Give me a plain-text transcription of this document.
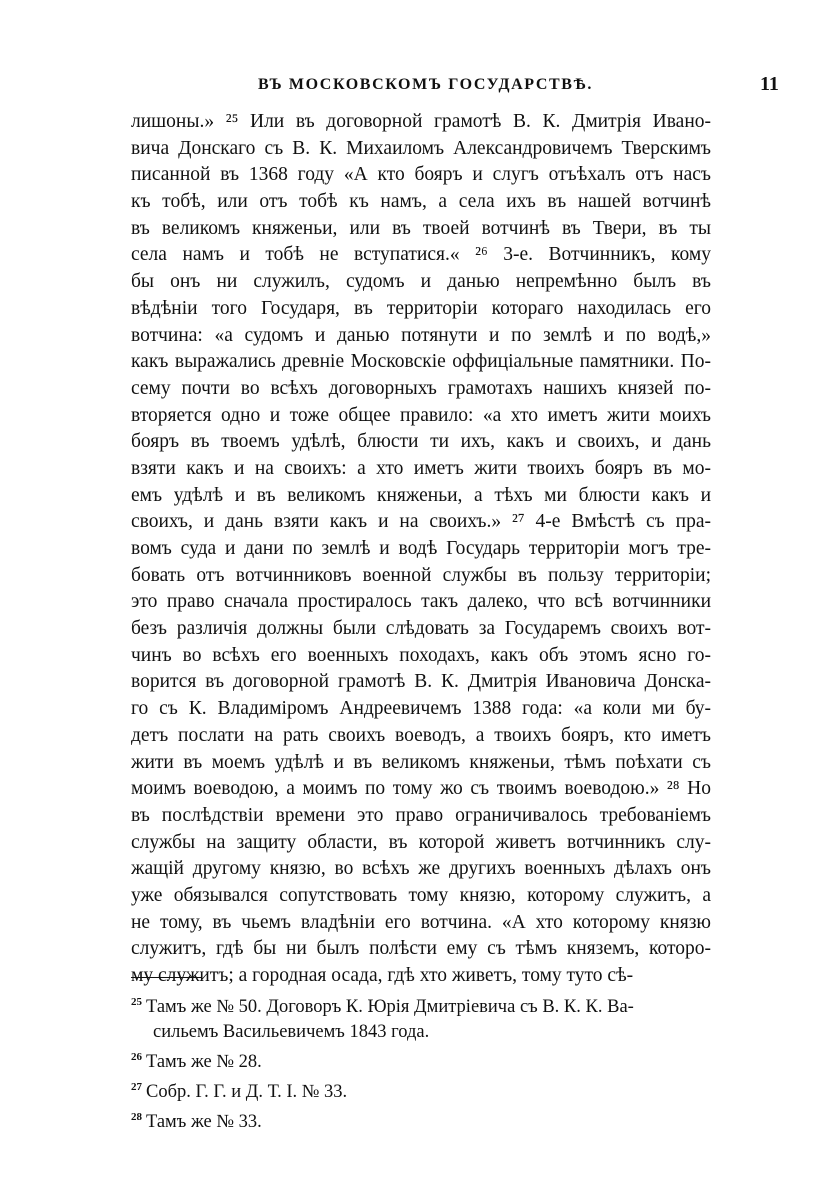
ВЪ МОСКОВСКОМЪ ГОСУДАРСТВѢ.	11
лишоны.» ²⁵ Или въ договорной грамотѣ В. К. Дмитрія Ивано-
вича Донскаго съ В. К. Михаиломъ Александровичемъ Тверскимъ
писанной въ 1368 году «А кто бояръ и слугъ отъѣхалъ отъ насъ
къ тобѣ, или отъ тобѣ къ намъ, а села ихъ въ нашей вотчинѣ
въ великомъ княженьи, или въ твоей вотчинѣ въ Твери, въ ты
села намъ и тобѣ не вступатися.« ²⁶ 3-е. Вотчинникъ, кому
бы онъ ни служилъ, судомъ и данью непремѣнно былъ въ
вѣдѣніи того Государя, въ территоріи котораго находилась его
вотчина: «а судомъ и данью потянути и по землѣ и по водѣ,»
какъ выражались древніе Московскіе оффиціальные памятники. По-
сему почти во всѣхъ договорныхъ грамотахъ нашихъ князей по-
вторяется одно и тоже общее правило: «а хто иметъ жити моихъ
бояръ въ твоемъ удѣлѣ, блюсти ти ихъ, какъ и своихъ, и дань
взяти какъ и на своихъ: а хто иметъ жити твоихъ бояръ въ мо-
емъ удѣлѣ и въ великомъ княженьи, а тѣхъ ми блюсти какъ и
своихъ, и дань взяти какъ и на своихъ.» ²⁷ 4-е Вмѣстѣ съ пра-
вомъ суда и дани по землѣ и водѣ Государь территоріи могъ тре-
бовать отъ вотчинниковъ военной службы въ пользу территоріи;
это право сначала простиралось такъ далеко, что всѣ вотчинники
безъ различія должны были слѣдовать за Государемъ своихъ вот-
чинъ во всѣхъ его военныхъ походахъ, какъ объ этомъ ясно го-
ворится въ договорной грамотѣ В. К. Дмитрія Ивановича Донска-
го съ К. Владиміромъ Андреевичемъ 1388 года: «а коли ми бу-
детъ послати на рать своихъ воеводъ, а твоихъ бояръ, кто иметъ
жити въ моемъ удѣлѣ и въ великомъ княженьи, тѣмъ поѣхати съ
моимъ воеводою, а моимъ по тому жо съ твоимъ воеводою.» ²⁸ Но
въ послѣдствіи времени это право ограничивалось требованіемъ
службы на защиту области, въ которой живетъ вотчинникъ слу-
жащій другому князю, во всѣхъ же другихъ военныхъ дѣлахъ онъ
уже обязывался сопутствовать тому князю, которому служитъ, а
не тому, въ чьемъ владѣніи его вотчина. «А хто которому князю
служитъ, гдѣ бы ни былъ полѣсти ему съ тѣмъ княземъ, которо-
му служитъ; а городная осада, гдѣ хто живетъ, тому туто сѣ-
$^{25}$ Тамъ же № 50. Договоръ К. Юрія Дмитріевича съ В. К. К. Ва-
сильемъ Васильевичемъ 1843 года.
$^{26}$ Тамъ же № 28.
$^{27}$ Собр. Г. Г. и Д. Т. I. № 33.
$^{28}$ Тамъ же № 33.
